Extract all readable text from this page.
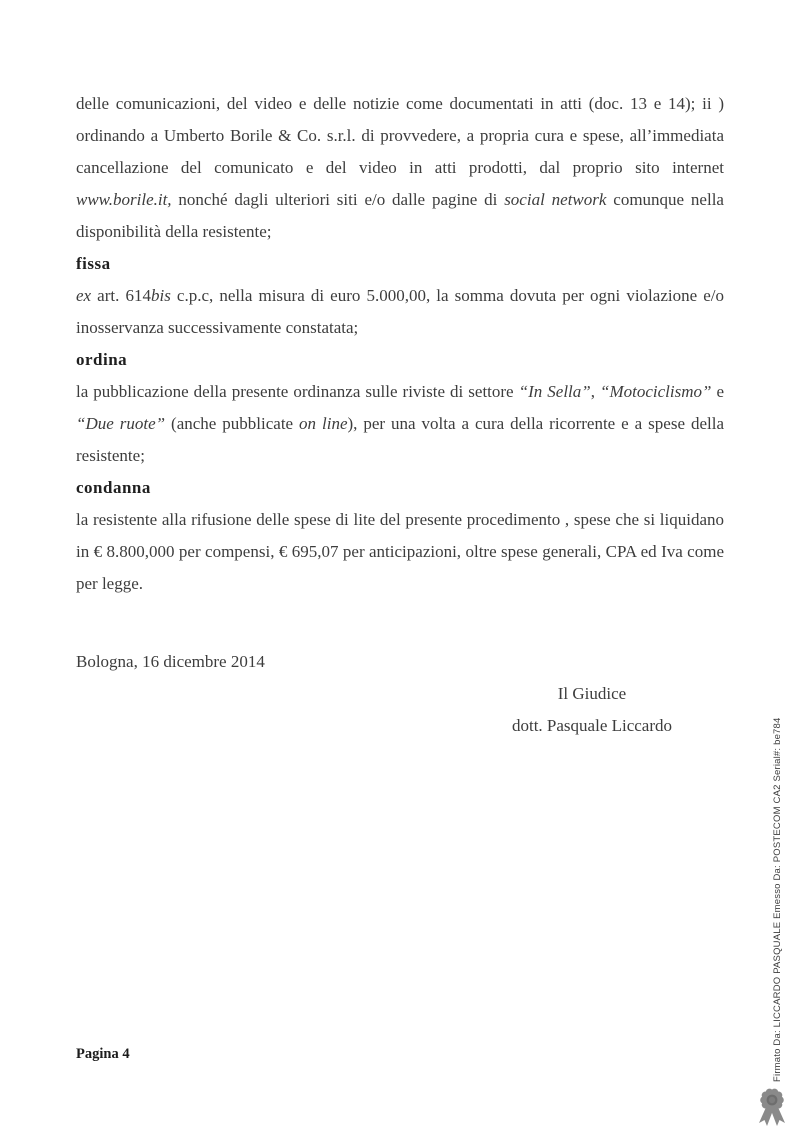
delle comunicazioni, del video e delle notizie come documentati in atti (doc. 13 e 14); ii ) ordinando a Umberto Borile & Co. s.r.l. di provvedere, a propria cura e spese, all’immediata cancellazione del comunicato e del video in atti prodotti, dal proprio sito internet www.borile.it, nonché dagli ulteriori siti e/o dalle pagine di social network comunque nella disponibilità della resistente;

fissa

ex art. 614bis c.p.c, nella misura di euro 5.000,00, la somma dovuta per ogni violazione e/o inosservanza successivamente constatata;

ordina

la pubblicazione della presente ordinanza sulle riviste di settore “In Sella”, “Motociclismo” e “Due ruote” (anche pubblicate on line), per una volta a cura della ricorrente e a spese della resistente;

condanna

la resistente alla rifusione delle spese di lite del presente procedimento , spese che si liquidano in € 8.800,000 per compensi, € 695,07 per anticipazioni, oltre spese generali, CPA ed Iva come per legge.

Bologna, 16 dicembre 2014

Il Giudice

dott. Pasquale Liccardo

Pagina 4	Firmato Da: LICCARDO PASQUALE Emesso Da: POSTECOM CA2 Serial#: be784
